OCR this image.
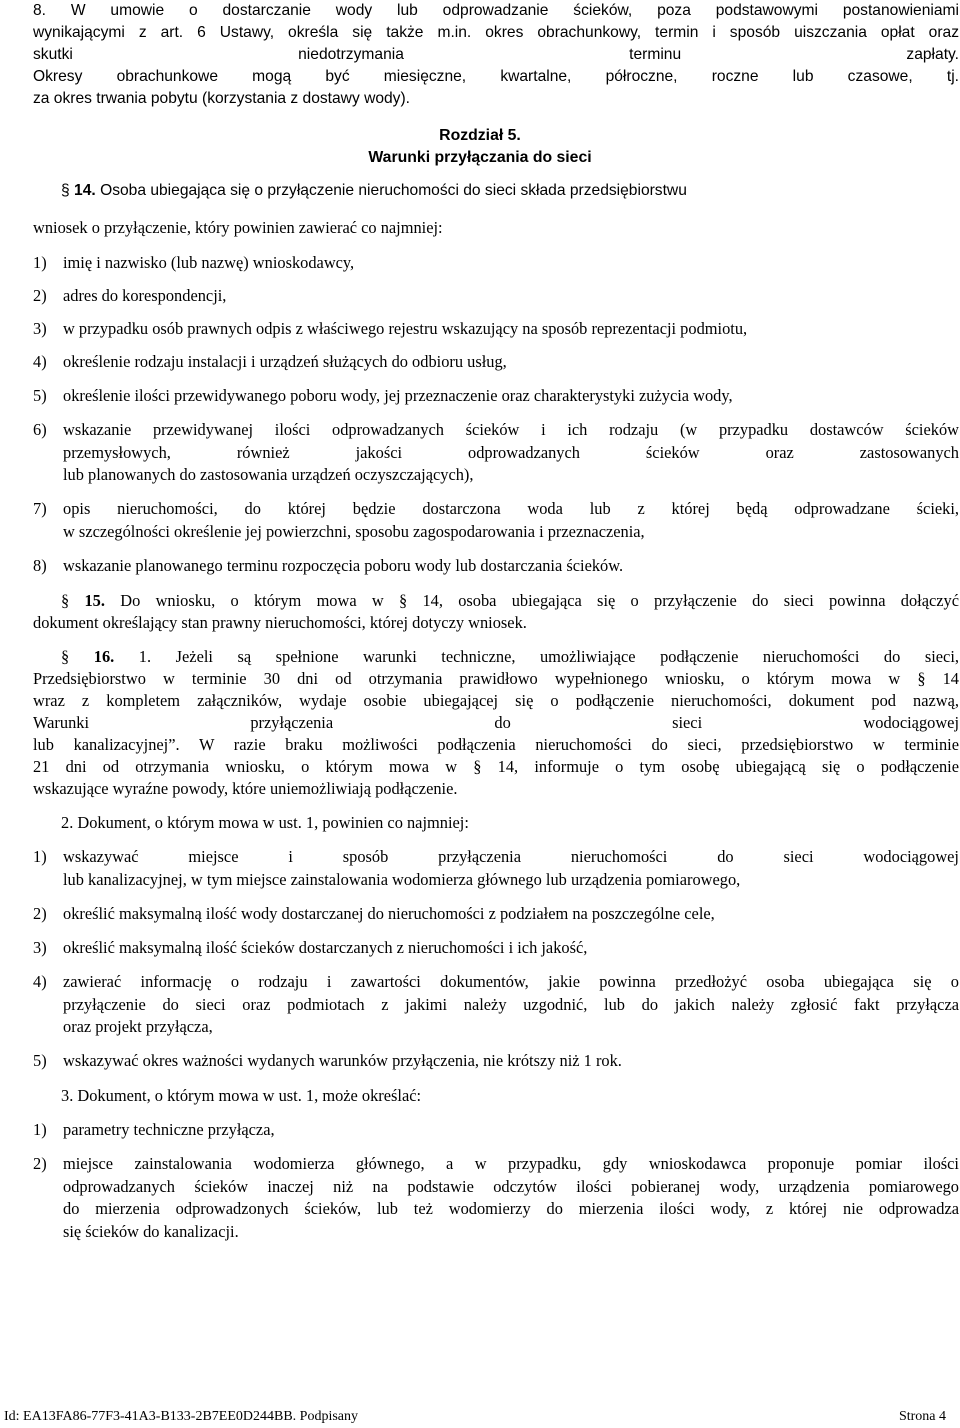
8. W umowie o dostarczanie wody lub odprowadzanie ścieków, poza podstawowymi postanowieniami
wynikającymi z art. 6 Ustawy, określa się także m.in. okres obrachunkowy, termin i sposób uiszczania opłat oraz
skutki niedotrzymania terminu zapłaty.
Okresy obrachunkowe mogą być miesięczne, kwartalne, półroczne, roczne lub czasowe, tj.
za okres trwania pobytu (korzystania z dostawy wody).
Rozdział 5.
Warunki przyłączania do sieci
§ 14. Osoba ubiegająca się o przyłączenie nieruchomości do sieci składa przedsiębiorstwu
wniosek o przyłączenie, który powinien zawierać co najmniej:
1) imię i nazwisko (lub nazwę) wnioskodawcy,
2) adres do korespondencji,
3) w przypadku osób prawnych odpis z właściwego rejestru wskazujący na sposób reprezentacji podmiotu,
4) określenie rodzaju instalacji i urządzeń służących do odbioru usług,
5) określenie ilości przewidywanego poboru wody, jej przeznaczenie oraz charakterystyki zużycia wody,
6) wskazanie przewidywanej ilości odprowadzanych ścieków i ich rodzaju (w przypadku dostawców ścieków
przemysłowych, również jakości odprowadzanych ścieków oraz zastosowanych
lub planowanych do zastosowania urządzeń oczyszczających),
7) opis nieruchomości, do której będzie dostarczona woda lub z której będą odprowadzane ścieki,
w szczególności określenie jej powierzchni, sposobu zagospodarowania i przeznaczenia,
8) wskazanie planowanego terminu rozpoczęcia poboru wody lub dostarczania ścieków.
§ 15. Do wniosku, o którym mowa w § 14, osoba ubiegająca się o przyłączenie do sieci powinna dołączyć
dokument określający stan prawny nieruchomości, której dotyczy wniosek.
§ 16. 1. Jeżeli są spełnione warunki techniczne, umożliwiające podłączenie nieruchomości do sieci,
Przedsiębiorstwo w terminie 30 dni od otrzymania prawidłowo wypełnionego wniosku, o którym mowa w § 14
wraz z kompletem załączników, wydaje osobie ubiegającej się o podłączenie nieruchomości, dokument pod nazwą,
Warunki przyłączenia do sieci wodociągowej
lub kanalizacyjnej”. W razie braku możliwości podłączenia nieruchomości do sieci, przedsiębiorstwo w terminie
21 dni od otrzymania wniosku, o którym mowa w § 14, informuje o tym osobę ubiegającą się o podłączenie
wskazujące wyraźne powody, które uniemożliwiają podłączenie.
2. Dokument, o którym mowa w ust. 1, powinien co najmniej:
1) wskazywać miejsce i sposób przyłączenia nieruchomości do sieci wodociągowej
lub kanalizacyjnej, w tym miejsce zainstalowania wodomierza głównego lub urządzenia pomiarowego,
2) określić maksymalną ilość wody dostarczanej do nieruchomości z podziałem na poszczególne cele,
3) określić maksymalną ilość ścieków dostarczanych z nieruchomości i ich jakość,
4) zawierać informację o rodzaju i zawartości dokumentów, jakie powinna przedłożyć osoba ubiegająca się o
przyłączenie do sieci oraz podmiotach z jakimi należy uzgodnić, lub do jakich należy zgłosić fakt przyłącza
oraz projekt przyłącza,
5) wskazywać okres ważności wydanych warunków przyłączenia, nie krótszy niż 1 rok.
3. Dokument, o którym mowa w ust. 1, może określać:
1) parametry techniczne przyłącza,
2) miejsce zainstalowania wodomierza głównego, a w przypadku, gdy wnioskodawca proponuje pomiar ilości
odprowadzanych ścieków inaczej niż na podstawie odczytów ilości pobieranej wody, urządzenia pomiarowego
do mierzenia odprowadzonych ścieków, lub też wodomierzy do mierzenia ilości wody, z której nie odprowadza
się ścieków do kanalizacji.
Id: EA13FA86-77F3-41A3-B133-2B7EE0D244BB. Podpisany	Strona 4
